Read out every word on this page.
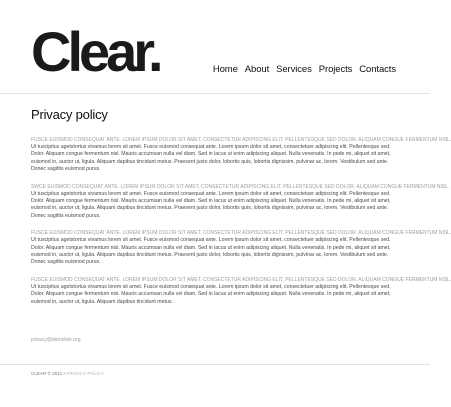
Clear.	Home About Services Projects Contacts
Privacy policy
FUSCE EUISMOD CONSEQUAT ANTE. LOREM IPSUM DOLOR SIT AMET, CONSECTETUR ADIPISCING ELIT. PELLENTESQUE SED DOLOR. ALIQUAM CONGUE FERMENTUM NISL.
Ut tuscipitus agetstortus vivamus lorem sit amet. Fusce euismod consequat ante. Lorem ipsum dolor sit amet, consectetuer adipiscing elit. Pellentesque sed. Dolor. Aliquam congue fermentum nisl. Mauris accumsan nulla vel diam. Sed in lacus ut enim adipiscing aliquet. Nulla venenatis. In pede mi, aliquet sit amet, euismod in, auctor ut, ligula. Aliquam dapibus tincidunt metus. Praesent justo dolor, lobortis quis, lobortis dignissim, pulvinar ac, lorem. Vestibulum sed ante. Donec sagittis euismod purus.
SWCE EUISMOD CONSEQUAT ANTE. LOREM IPSUM DOLOR SIT AMET, CONSECTETUR ADIPISCING ELIT. PELLENTESQUE SED DOLOR. ALIQUAM CONGUE FERMENTUM NISL.
Ut tuscipitus agetstortus vivamus lorem sit amet. Fusce euismod consequat ante. Lorem ipsum dolor sit amet, consectetuer adipiscing elit. Pellentesque sed. Dolor. Aliquam congue fermentum nisl. Mauris accumsan nulla vel diam. Sed in lacus ut enim adipiscing aliquet. Nulla venenatis. In pede mi, aliquet sit amet, euismod in, auctor ut, ligula. Aliquam dapibus tincidunt metus. Praesent justo dolor, lobortis quis, lobortis dignissim, pulvinar ac, lorem. Vestibulum sed ante. Donec sagittis euismod purus.
FUSCE EUISMOD CONSEQUAT ANTE. LOREM IPSUM DOLOR SIT AMET, CONSECTETUR ADIPISCING ELIT. PELLENTESQUE SED DOLOR. ALIQUAM CONGUE FERMENTUM NISL.
Ut tuscipitus agetstortus vivamus lorem sit amet. Fusce euismod consequat ante. Lorem ipsum dolor sit amet, consectetuer adipiscing elit. Pellentesque sed. Dolor. Aliquam congue fermentum nisl. Mauris accumsan nulla vel diam. Sed in lacus ut enim adipiscing aliquet. Nulla venenatis. In pede mi, aliquet sit amet, euismod in, auctor ut, ligula. Aliquam dapibus tincidunt metus. Praesent justo dolor, lobortis quis, lobortis dignissim, pulvinar ac, lorem. Vestibulum sed ante. Donec sagittis euismod purus.
FUSCE EUISMOD CONSEQUAT ANTE. LOREM IPSUM DOLOR SIT AMET, CONSECTETUR ADIPISCING ELIT. PELLENTESQUE SED DOLOR. ALIQUAM CONGUE FERMENTUM NISL.
Ut tuscipitus agetstortus vivamus lorem sit amet. Fusce euismod consequat ante. Lorem ipsum dolor sit amet, consectetuer adipiscing elit. Pellentesque sed. Dolor. Aliquam congue fermentum nisl. Mauris accumsan nulla vel diam. Sed in lacus ut enim adipiscing aliquet. Nulla venenatis. In pede mi, aliquet sit amet, euismod in, auctor ut, ligula. Aliquam dapibus tincidunt metus.
privacy@demolink.org
CLEAR © 2011 • PRIVACY POLICY
